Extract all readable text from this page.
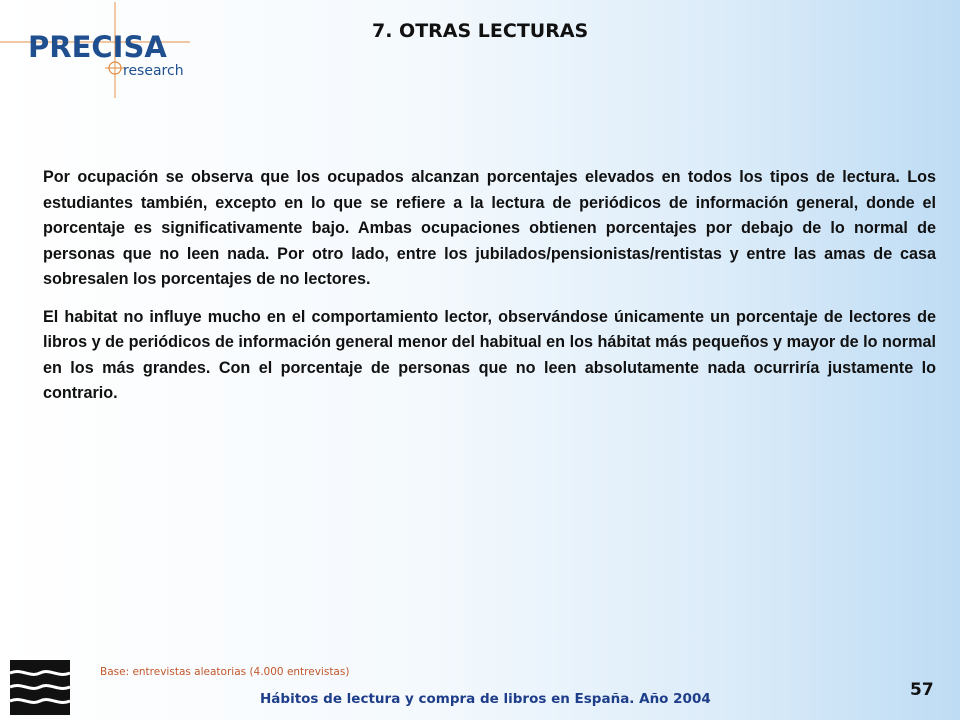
PRECISA
research
7. OTRAS LECTURAS

Por ocupación se observa que los ocupados alcanzan porcentajes elevados en todos los tipos de lectura. Los estudiantes también, excepto en lo que se refiere a la lectura de periódicos de información general, donde el porcentaje es significativamente bajo. Ambas ocupaciones obtienen porcentajes por debajo de lo normal de personas que no leen nada. Por otro lado, entre los jubilados/pensionistas/rentistas y entre las amas de casa sobresalen los porcentajes de no lectores.

El habitat no influye mucho en el comportamiento lector, observándose únicamente un porcentaje de lectores de libros y de periódicos de información general menor del habitual en los hábitat más pequeños y mayor de lo normal en los más grandes. Con el porcentaje de personas que no leen absolutamente nada ocurriría justamente lo contrario.

Base: entrevistas aleatorias (4.000 entrevistas)
Hábitos de lectura y compra de libros en España. Año 2004	57
